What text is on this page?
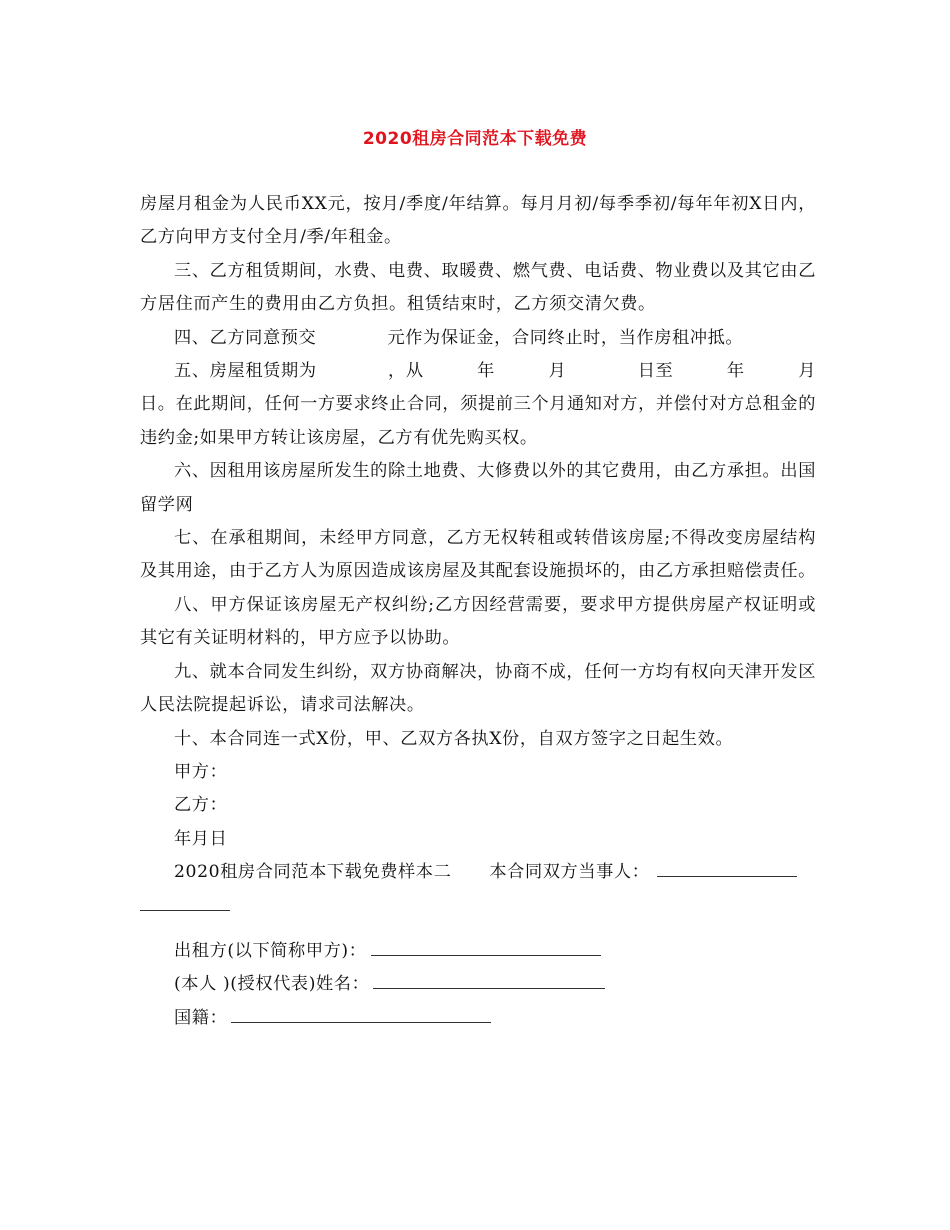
2020租房合同范本下载免费

房屋月租金为人民币XX元，按月/季度/年结算。每月月初/每季季初/每年年初X日内，乙方向甲方支付全月/季/年租金。

三、乙方租赁期间，水费、电费、取暖费、燃气费、电话费、物业费以及其它由乙方居住而产生的费用由乙方负担。租赁结束时，乙方须交清欠费。

四、乙方同意预交　　　　元作为保证金，合同终止时，当作房租冲抵。

五、房屋租赁期为　　　　，从　　　年　　　月　　　　日至　　　年　　　月　　　日。在此期间，任何一方要求终止合同，须提前三个月通知对方，并偿付对方总租金的违约金;如果甲方转让该房屋，乙方有优先购买权。

六、因租用该房屋所发生的除土地费、大修费以外的其它费用，由乙方承担。出国留学网

七、在承租期间，未经甲方同意，乙方无权转租或转借该房屋;不得改变房屋结构及其用途，由于乙方人为原因造成该房屋及其配套设施损坏的，由乙方承担赔偿责任。

八、甲方保证该房屋无产权纠纷;乙方因经营需要，要求甲方提供房屋产权证明或其它有关证明材料的，甲方应予以协助。

九、就本合同发生纠纷，双方协商解决，协商不成，任何一方均有权向天津开发区人民法院提起诉讼，请求司法解决。

十、本合同连一式X份，甲、乙双方各执X份，自双方签字之日起生效。

甲方：

乙方：

年月日

2020租房合同范本下载免费样本二 本合同双方当事人：

出租方(以下简称甲方)：

(本人 )(授权代表)姓名：

国籍：
